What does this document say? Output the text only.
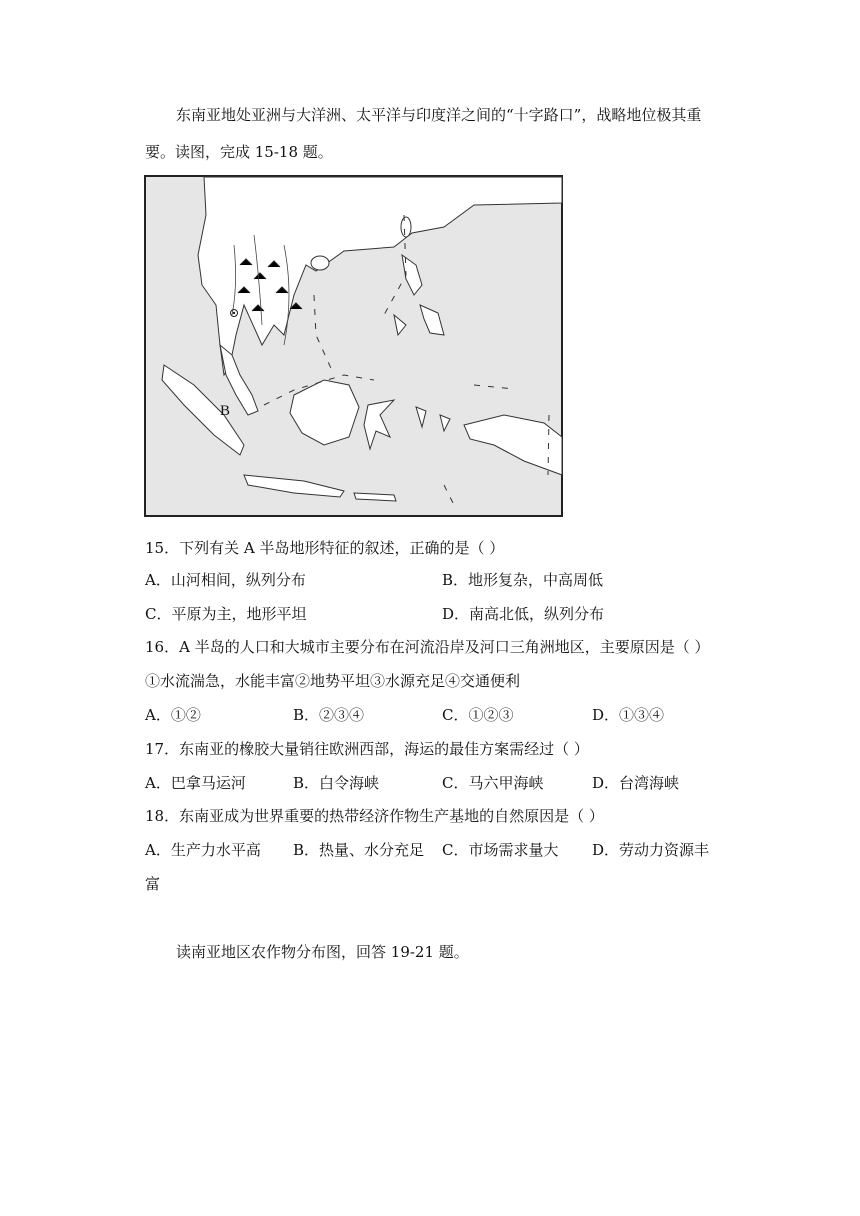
东南亚地处亚洲与大洋洲、太平洋与印度洋之间的“十字路口”，战略地位极其重
要。读图，完成 15-18 题。
B
15．下列有关 A 半岛地形特征的叙述，正确的是（ ）
A．山河相间，纵列分布	B．地形复杂，中高周低
C．平原为主，地形平坦	D．南高北低，纵列分布
16．A 半岛的人口和大城市主要分布在河流沿岸及河口三角洲地区，主要原因是（ ）
①水流湍急，水能丰富②地势平坦③水源充足④交通便利
A．①②	B．②③④	C．①②③	D．①③④
17．东南亚的橡胶大量销往欧洲西部，海运的最佳方案需经过（ ）
A．巴拿马运河	B．白令海峡	C．马六甲海峡	D．台湾海峡
18．东南亚成为世界重要的热带经济作物生产基地的自然原因是（ ）
A．生产力水平高 B．热量、水分充足 C．市场需求量大 D．劳动力资源丰
富
读南亚地区农作物分布图，回答 19-21 题。
